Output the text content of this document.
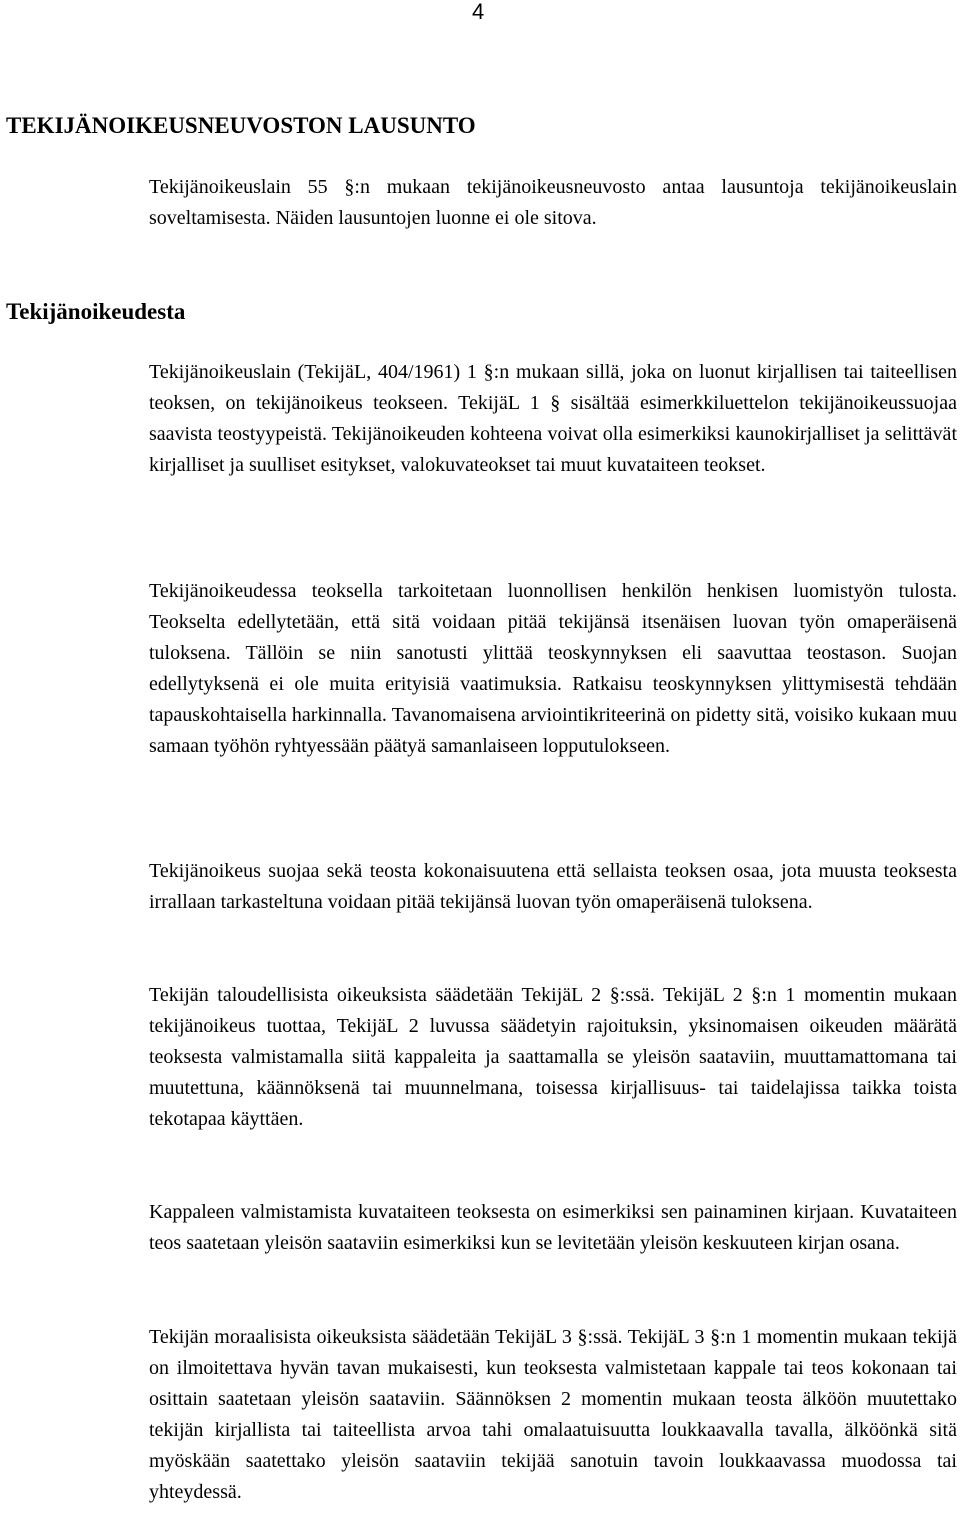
4
TEKIJÄNOIKEUSNEUVOSTON LAUSUNTO

Tekijänoikeuslain 55 §:n mukaan tekijänoikeusneuvosto antaa lausuntoja tekijänoikeuslain soveltamisesta. Näiden lausuntojen luonne ei ole sitova.

Tekijänoikeudesta

Tekijänoikeuslain (TekijäL, 404/1961) 1 §:n mukaan sillä, joka on luonut kirjallisen tai taiteellisen teoksen, on tekijänoikeus teokseen. TekijäL 1 § sisältää esimerkkiluettelon tekijänoikeussuojaa saavista teostyypeistä. Tekijänoikeuden kohteena voivat olla esimerkiksi kaunokirjalliset ja selittävät kirjalliset ja suulliset esitykset, valokuvateokset tai muut kuvataiteen teokset.

Tekijänoikeudessa teoksella tarkoitetaan luonnollisen henkilön henkisen luomistyön tulosta. Teokselta edellytetään, että sitä voidaan pitää tekijänsä itsenäisen luovan työn omaperäisenä tuloksena. Tällöin se niin sanotusti ylittää teoskynnyksen eli saavuttaa teostason. Suojan edellytyksenä ei ole muita erityisiä vaatimuksia. Ratkaisu teoskynnyksen ylittymisestä tehdään tapauskohtaisella harkinnalla. Tavanomaisena arviointikriteerinä on pidetty sitä, voisiko kukaan muu samaan työhön ryhtyessään päätyä samanlaiseen lopputulokseen.

Tekijänoikeus suojaa sekä teosta kokonaisuutena että sellaista teoksen osaa, jota muusta teoksesta irrallaan tarkasteltuna voidaan pitää tekijänsä luovan työn omaperäisenä tuloksena.

Tekijän taloudellisista oikeuksista säädetään TekijäL 2 §:ssä. TekijäL 2 §:n 1 momentin mukaan tekijänoikeus tuottaa, TekijäL 2 luvussa säädetyin rajoituksin, yksinomaisen oikeuden määrätä teoksesta valmistamalla siitä kappaleita ja saattamalla se yleisön saataviin, muuttamattomana tai muutettuna, käännöksenä tai muunnelmana, toisessa kirjallisuus- tai taidelajissa taikka toista tekotapaa käyttäen.

Kappaleen valmistamista kuvataiteen teoksesta on esimerkiksi sen painaminen kirjaan. Kuvataiteen teos saatetaan yleisön saataviin esimerkiksi kun se levitetään yleisön keskuuteen kirjan osana.

Tekijän moraalisista oikeuksista säädetään TekijäL 3 §:ssä. TekijäL 3 §:n 1 momentin mukaan tekijä on ilmoitettava hyvän tavan mukaisesti, kun teoksesta valmistetaan kappale tai teos kokonaan tai osittain saatetaan yleisön saataviin. Säännöksen 2 momentin mukaan teosta älköön muutettako tekijän kirjallista tai taiteellista arvoa tahi omalaatuisuutta loukkaavalla tavalla, älköönkä sitä myöskään saatettako yleisön saataviin tekijää sanotuin tavoin loukkaavassa muodossa tai yhteydessä.
